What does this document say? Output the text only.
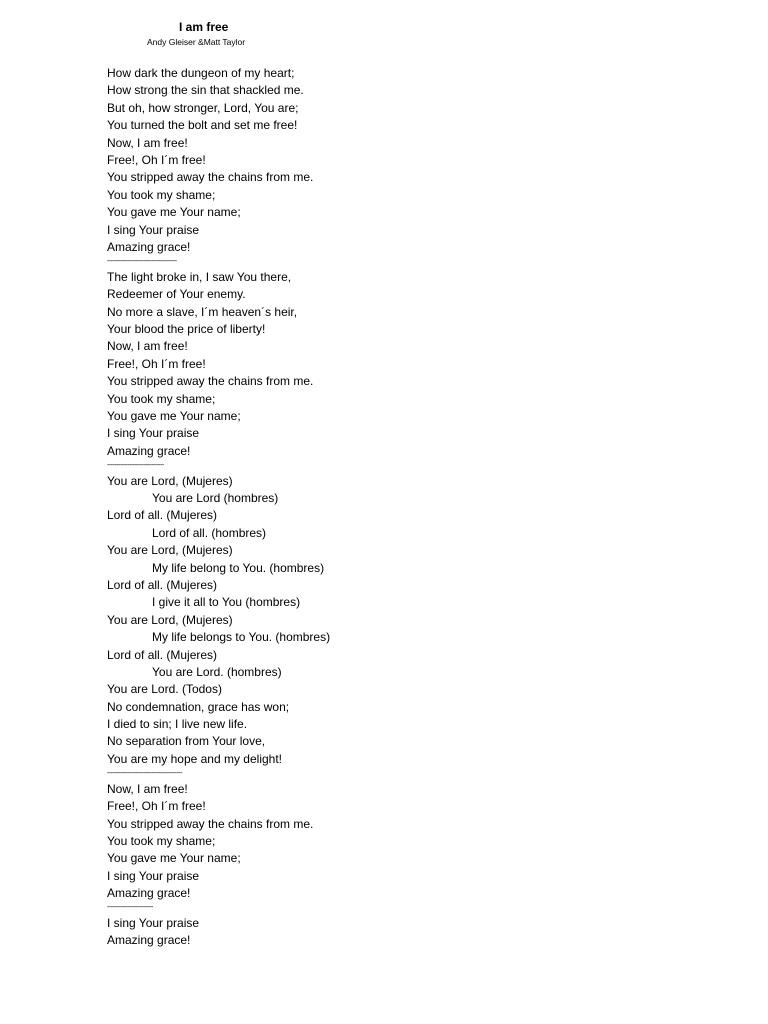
I am free
Andy Gleiser &Matt Taylor
How dark the dungeon of my heart;
How strong the sin that shackled me.
But oh, how stronger, Lord, You are;
You turned the bolt and set me free!
Now, I am free!
Free!, Oh I´m free!
You stripped away the chains from me.
You took my shame;
You gave me Your name;
I sing Your praise
Amazing grace!
--------------------------------------
The light broke in, I saw You there,
Redeemer of Your enemy.
No more a slave, I´m heaven´s heir,
Your blood the price of liberty!
Now, I am free!
Free!, Oh I´m free!
You stripped away the chains from me.
You took my shame;
You gave me Your name;
I sing Your praise
Amazing grace!
-------------------------------
You are Lord, (Mujeres)
You are Lord (hombres)
Lord of all. (Mujeres)
Lord of all. (hombres)
You are Lord, (Mujeres)
My life belong to You. (hombres)
Lord of all. (Mujeres)
I give it all to You (hombres)
You are Lord, (Mujeres)
My life belongs to You. (hombres)
Lord of all. (Mujeres)
You are Lord. (hombres)
You are Lord. (Todos)
No condemnation, grace has won;
I died to sin; I live new life.
No separation from Your love,
You are my hope and my delight!
-----------------------------------------
Now, I am free!
Free!, Oh I´m free!
You stripped away the chains from me.
You took my shame;
You gave me Your name;
I sing Your praise
Amazing grace!
-------------------------
I sing Your praise
Amazing grace!
